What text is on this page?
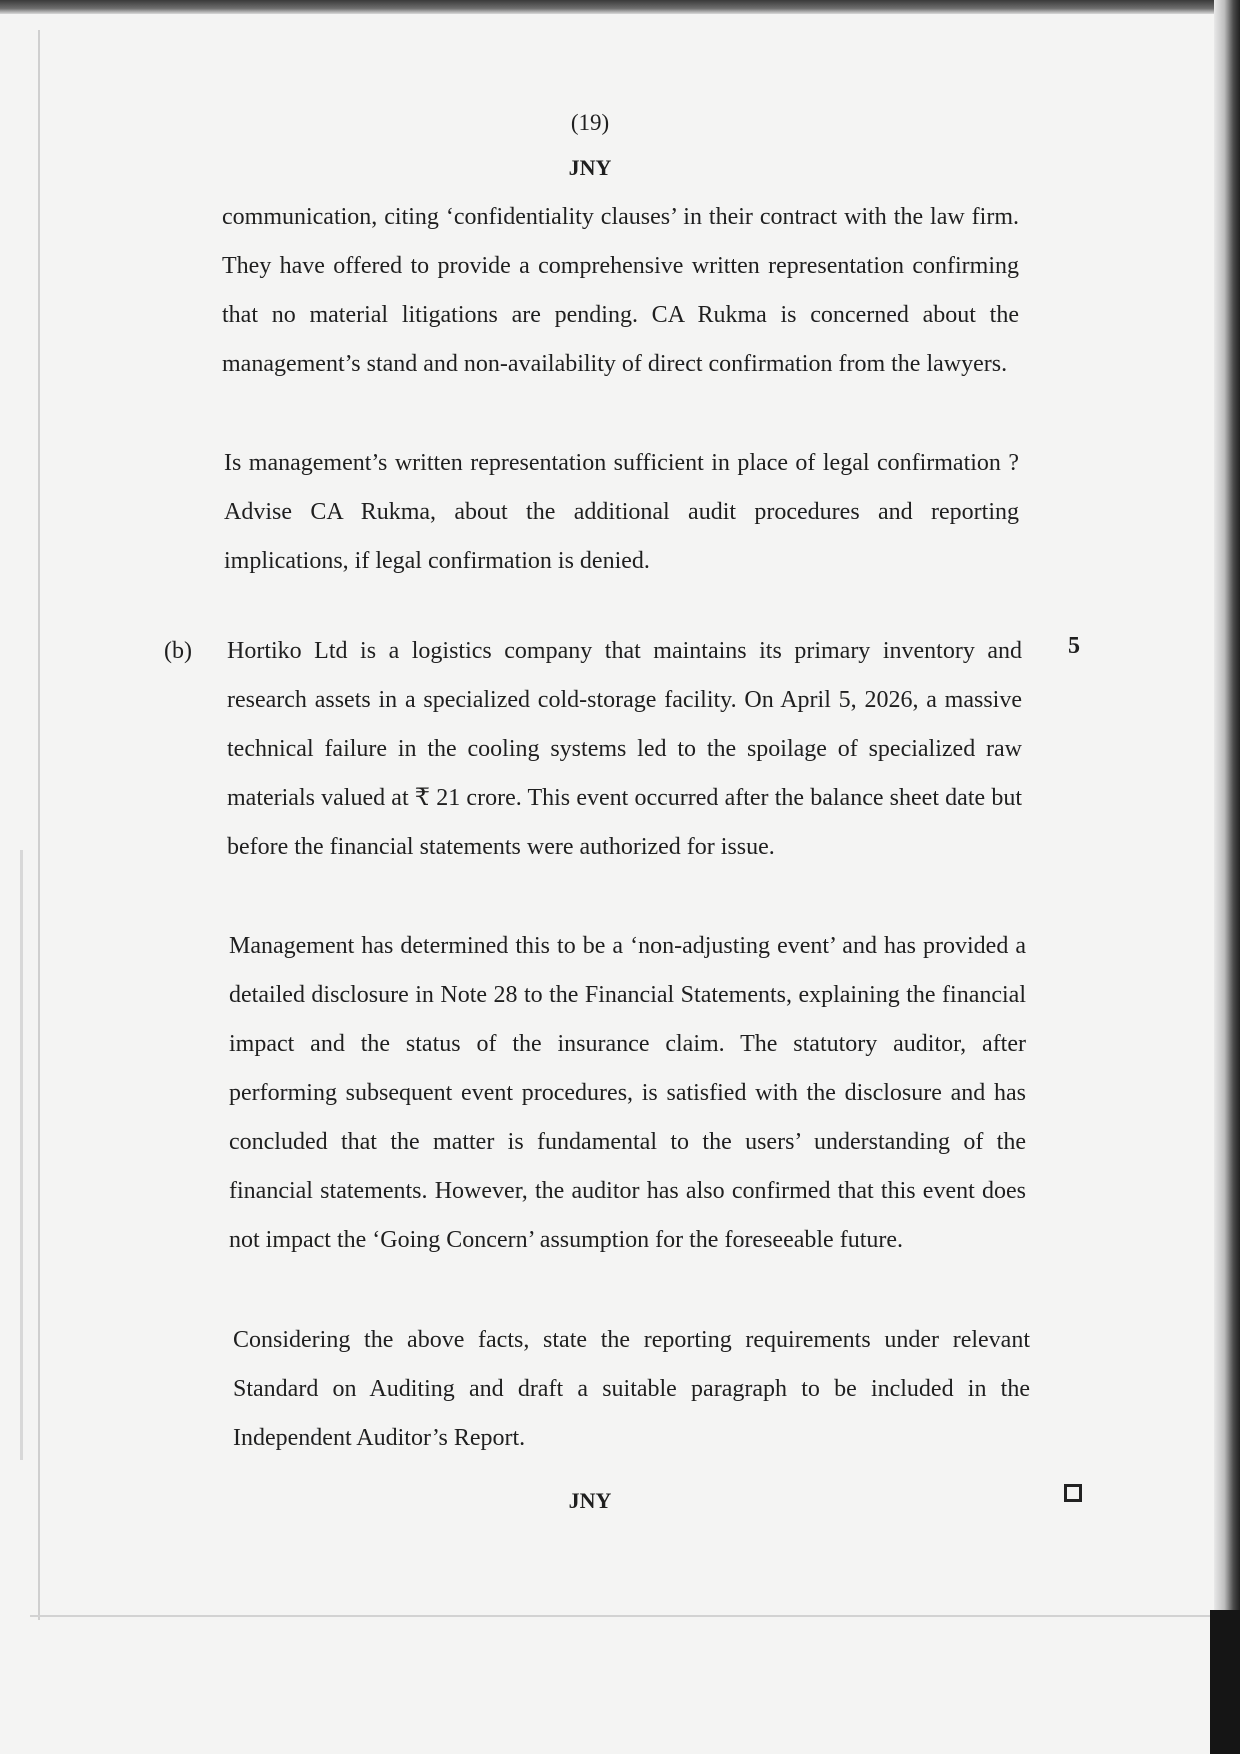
(19)
JNY
communication, citing ‘confidentiality clauses’ in their contract with the law firm. They have offered to provide a comprehensive written representation confirming that no material litigations are pending. CA Rukma is concerned about the management’s stand and non-availability of direct confirmation from the lawyers.
Is management’s written representation sufficient in place of legal confirmation ? Advise CA Rukma, about the additional audit procedures and reporting implications, if legal confirmation is denied.
(b)	5
Hortiko Ltd is a logistics company that maintains its primary inventory and research assets in a specialized cold-storage facility. On April 5, 2026, a massive technical failure in the cooling systems led to the spoilage of specialized raw materials valued at ₹ 21 crore. This event occurred after the balance sheet date but before the financial statements were authorized for issue.
Management has determined this to be a ‘non-adjusting event’ and has provided a detailed disclosure in Note 28 to the Financial Statements, explaining the financial impact and the status of the insurance claim. The statutory auditor, after performing subsequent event procedures, is satisfied with the disclosure and has concluded that the matter is fundamental to the users’ understanding of the financial statements. However, the auditor has also confirmed that this event does not impact the ‘Going Concern’ assumption for the foreseeable future.
Considering the above facts, state the reporting requirements under relevant Standard on Auditing and draft a suitable paragraph to be included in the Independent Auditor’s Report.
JNY
